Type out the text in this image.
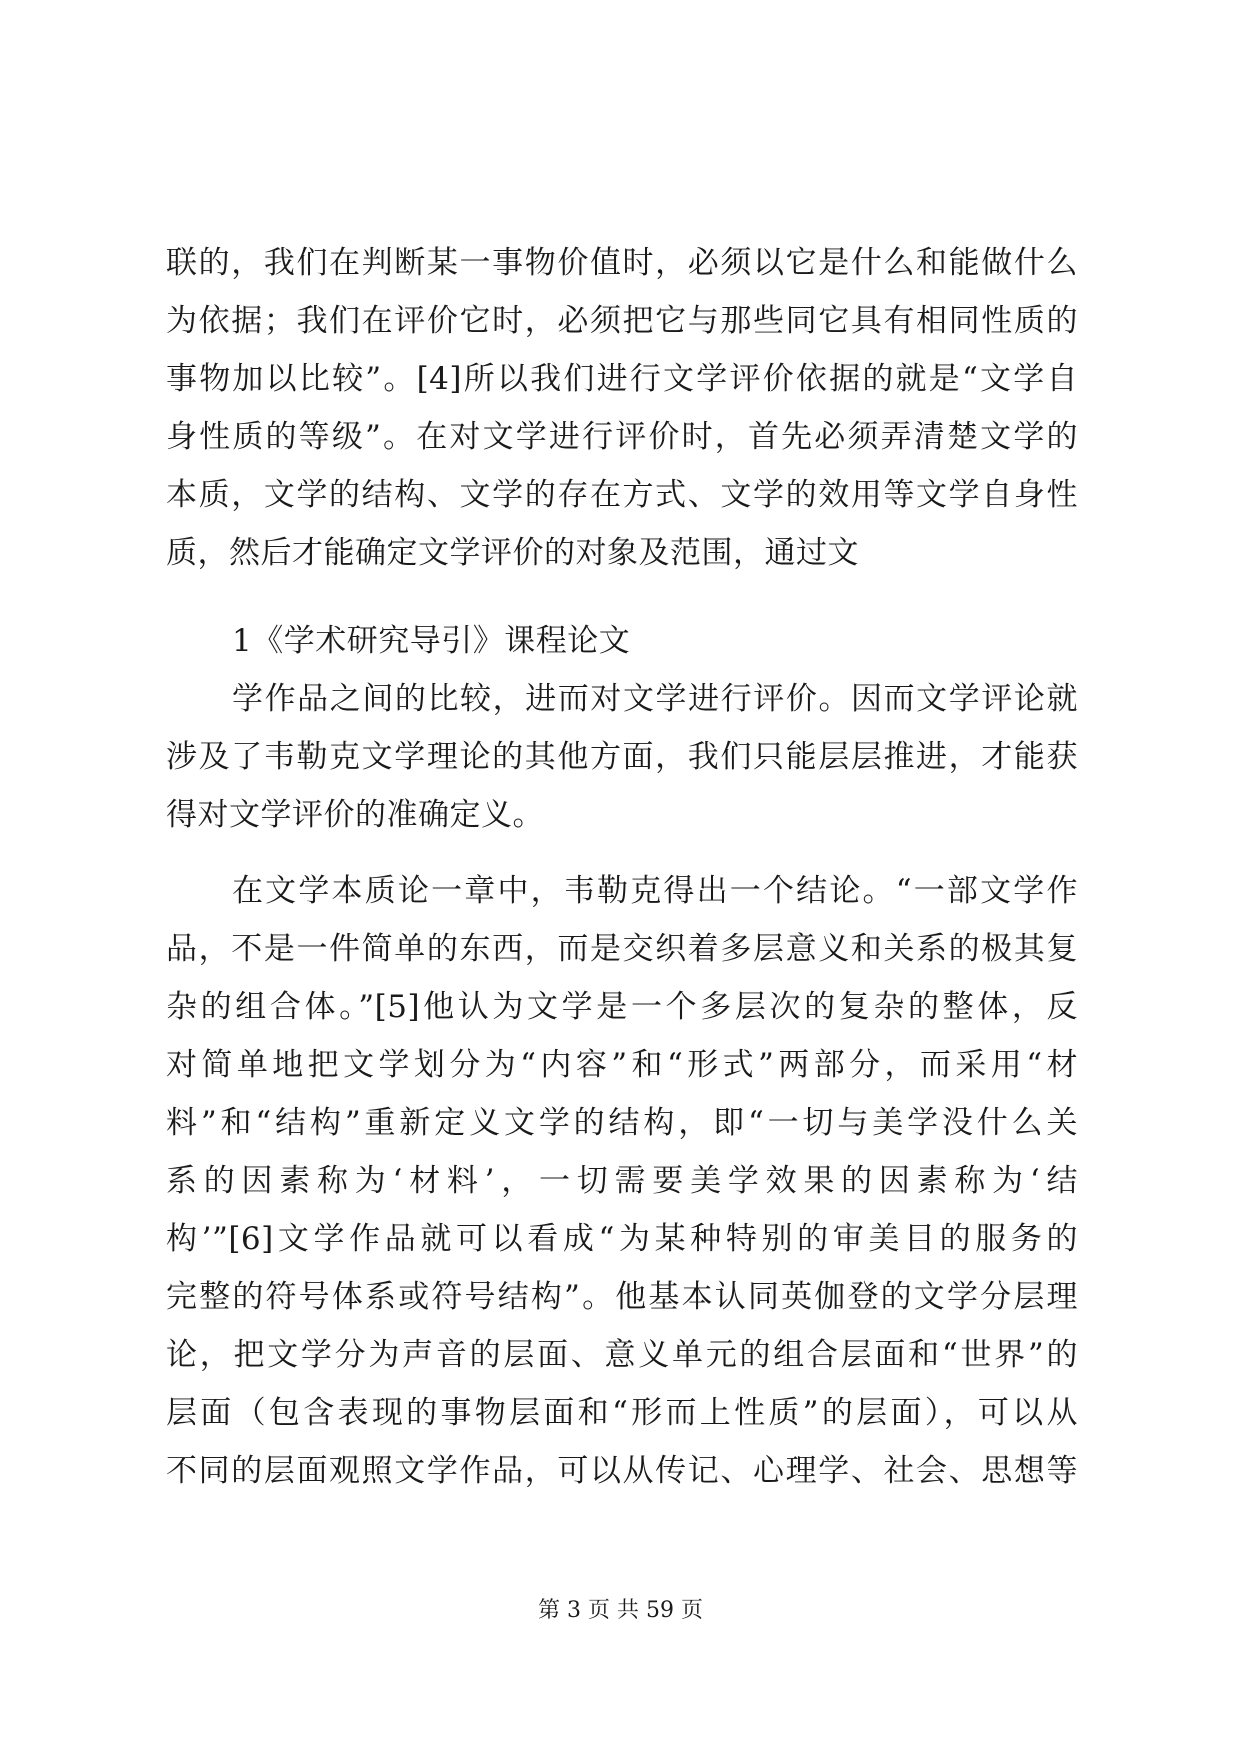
联的，我们在判断某一事物价值时，必须以它是什么和能做什么
为依据；我们在评价它时，必须把它与那些同它具有相同性质的
事物加以比较”。[4]所以我们进行文学评价依据的就是“文学自
身性质的等级”。在对文学进行评价时，首先必须弄清楚文学的
本质，文学的结构、文学的存在方式、文学的效用等文学自身性
质，然后才能确定文学评价的对象及范围，通过文
1《学术研究导引》课程论文
学作品之间的比较，进而对文学进行评价。因而文学评论就
涉及了韦勒克文学理论的其他方面，我们只能层层推进，才能获
得对文学评价的准确定义。
在文学本质论一章中，韦勒克得出一个结论。“一部文学作
品，不是一件简单的东西，而是交织着多层意义和关系的极其复
杂的组合体。”[5]他认为文学是一个多层次的复杂的整体，反
对简单地把文学划分为“内容”和“形式”两部分，而采用“材
料”和“结构”重新定义文学的结构，即“一切与美学没什么关
系的因素称为‘材料’，一切需要美学效果的因素称为‘结
构’”[6]文学作品就可以看成“为某种特别的审美目的服务的
完整的符号体系或符号结构”。他基本认同英伽登的文学分层理
论，把文学分为声音的层面、意义单元的组合层面和“世界”的
层面（包含表现的事物层面和“形而上性质”的层面），可以从
不同的层面观照文学作品，可以从传记、心理学、社会、思想等
第 3 页 共 59 页
